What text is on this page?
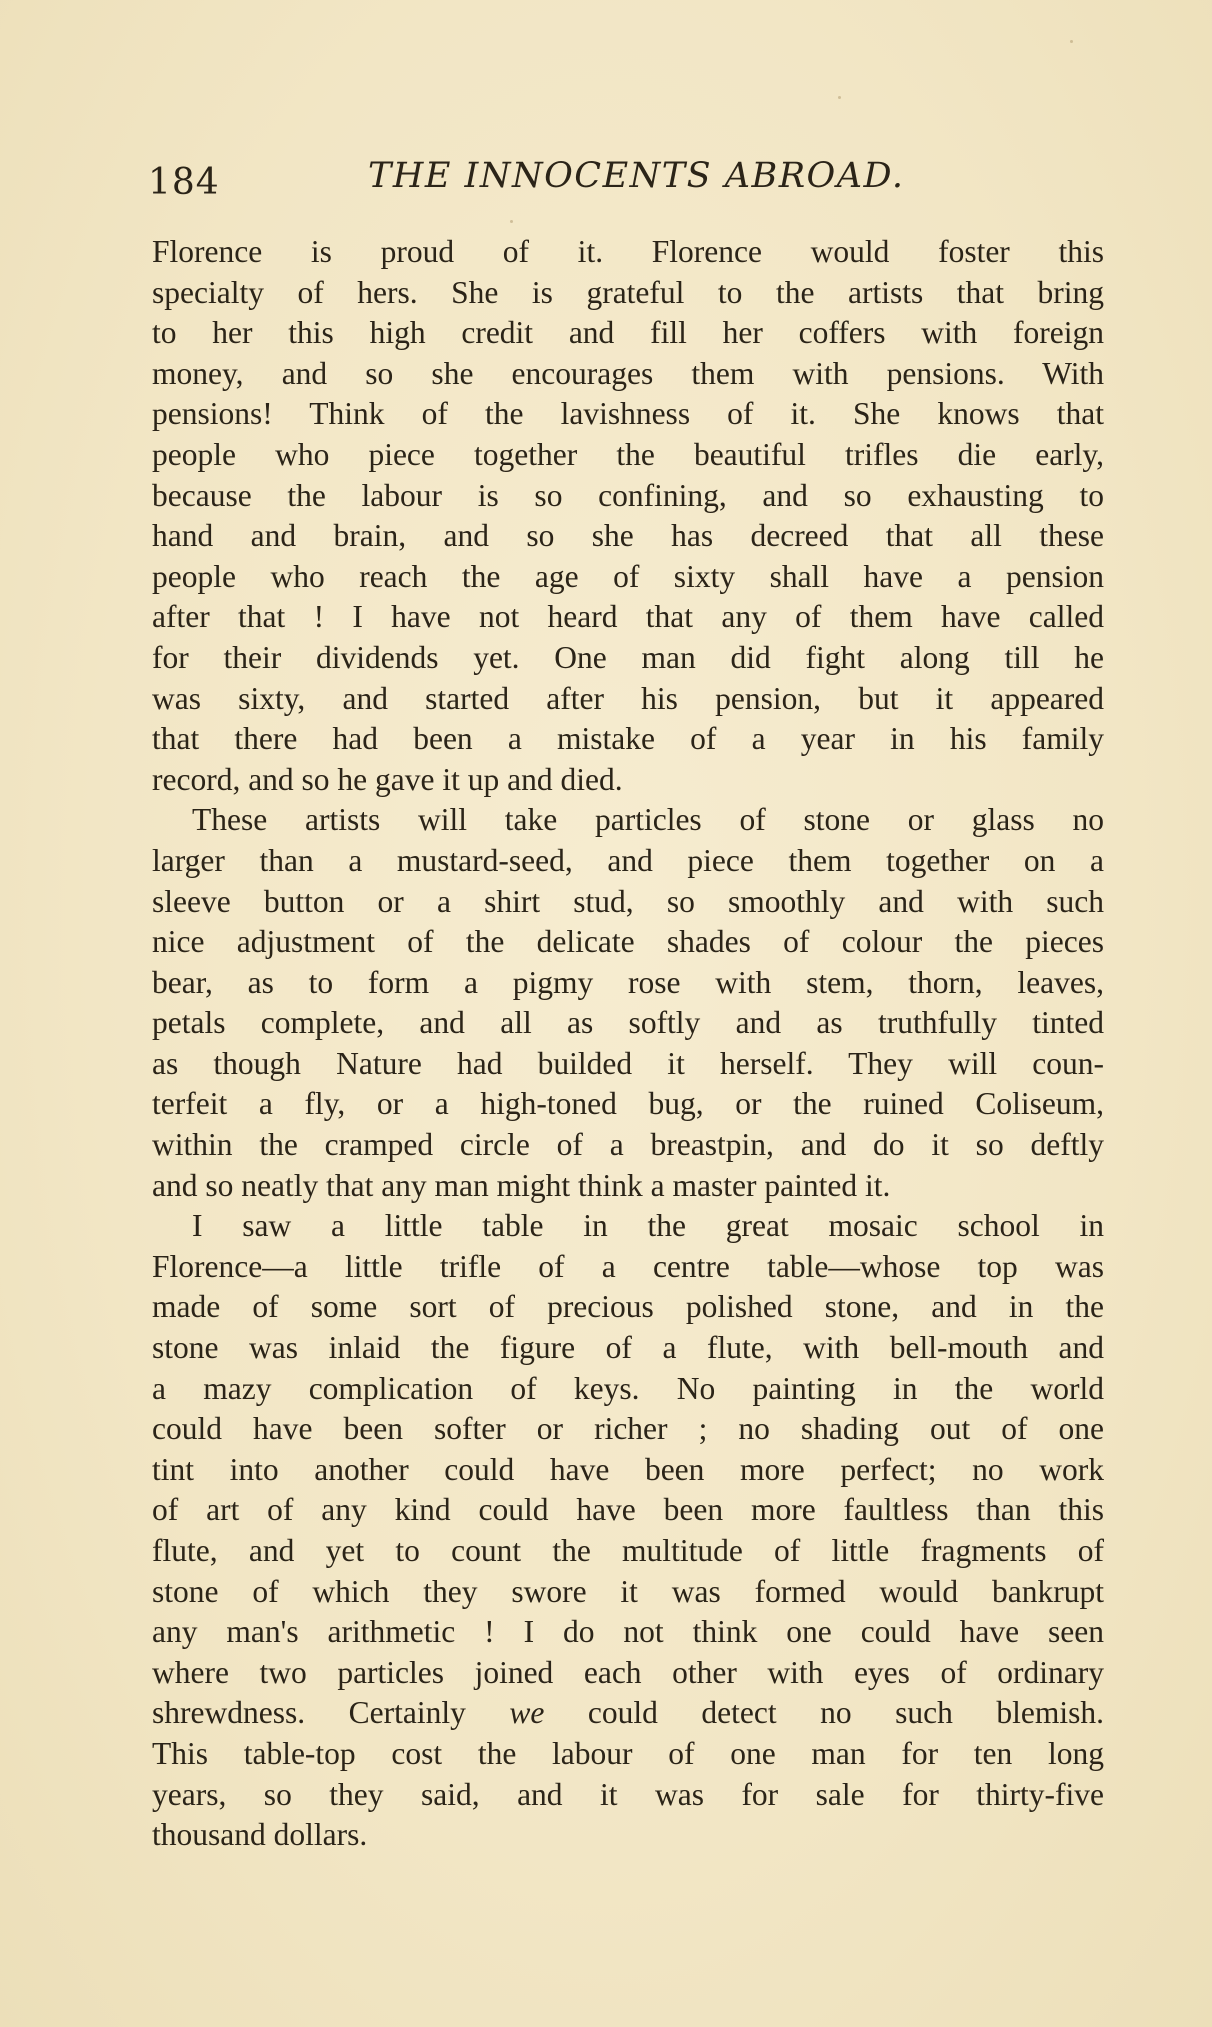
184	THE INNOCENTS ABROAD.
Florence is proud of it. Florence would foster this
specialty of hers. She is grateful to the artists that bring
to her this high credit and fill her coffers with foreign
money, and so she encourages them with pensions. With
pensions! Think of the lavishness of it. She knows that
people who piece together the beautiful trifles die early,
because the labour is so confining, and so exhausting to
hand and brain, and so she has decreed that all these
people who reach the age of sixty shall have a pension
after that ! I have not heard that any of them have called
for their dividends yet. One man did fight along till he
was sixty, and started after his pension, but it appeared
that there had been a mistake of a year in his family
record, and so he gave it up and died.
These artists will take particles of stone or glass no
larger than a mustard-seed, and piece them together on a
sleeve button or a shirt stud, so smoothly and with such
nice adjustment of the delicate shades of colour the pieces
bear, as to form a pigmy rose with stem, thorn, leaves,
petals complete, and all as softly and as truthfully tinted
as though Nature had builded it herself. They will coun-
terfeit a fly, or a high-toned bug, or the ruined Coliseum,
within the cramped circle of a breastpin, and do it so deftly
and so neatly that any man might think a master painted it.
I saw a little table in the great mosaic school in
Florence—a little trifle of a centre table—whose top was
made of some sort of precious polished stone, and in the
stone was inlaid the figure of a flute, with bell-mouth and
a mazy complication of keys. No painting in the world
could have been softer or richer ; no shading out of one
tint into another could have been more perfect; no work
of art of any kind could have been more faultless than this
flute, and yet to count the multitude of little fragments of
stone of which they swore it was formed would bankrupt
any man's arithmetic ! I do not think one could have seen
where two particles joined each other with eyes of ordinary
shrewdness. Certainly we could detect no such blemish.
This table-top cost the labour of one man for ten long
years, so they said, and it was for sale for thirty-five
thousand dollars.
